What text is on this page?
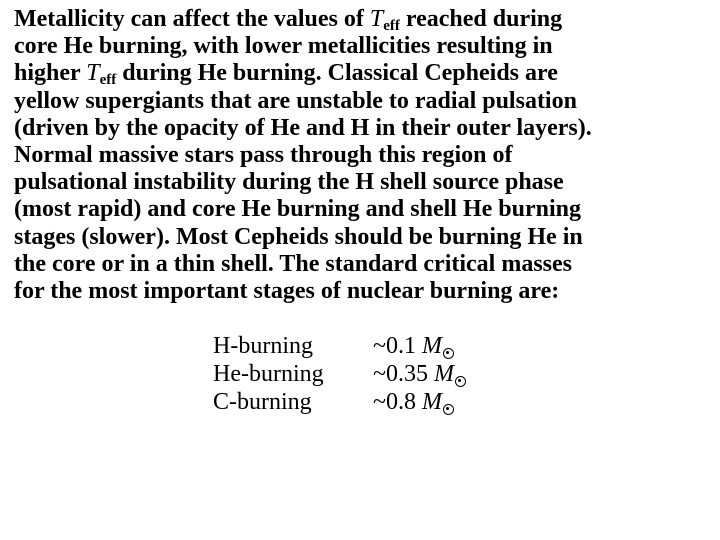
Metallicity can affect the values of $T_{eff}$ reached during
core He burning, with lower metallicities resulting in
higher $T_{eff}$ during He burning. Classical Cepheids are
yellow supergiants that are unstable to radial pulsation
(driven by the opacity of He and H in their outer layers).
Normal massive stars pass through this region of
pulsational instability during the H shell source phase
(most rapid) and core He burning and shell He burning
stages (slower). Most Cepheids should be burning He in
the core or in a thin shell. The standard critical masses
for the most important stages of nuclear burning are:
H-burning	~0.1 M
He-burning	~0.35 M
C-burning	~0.8 M
